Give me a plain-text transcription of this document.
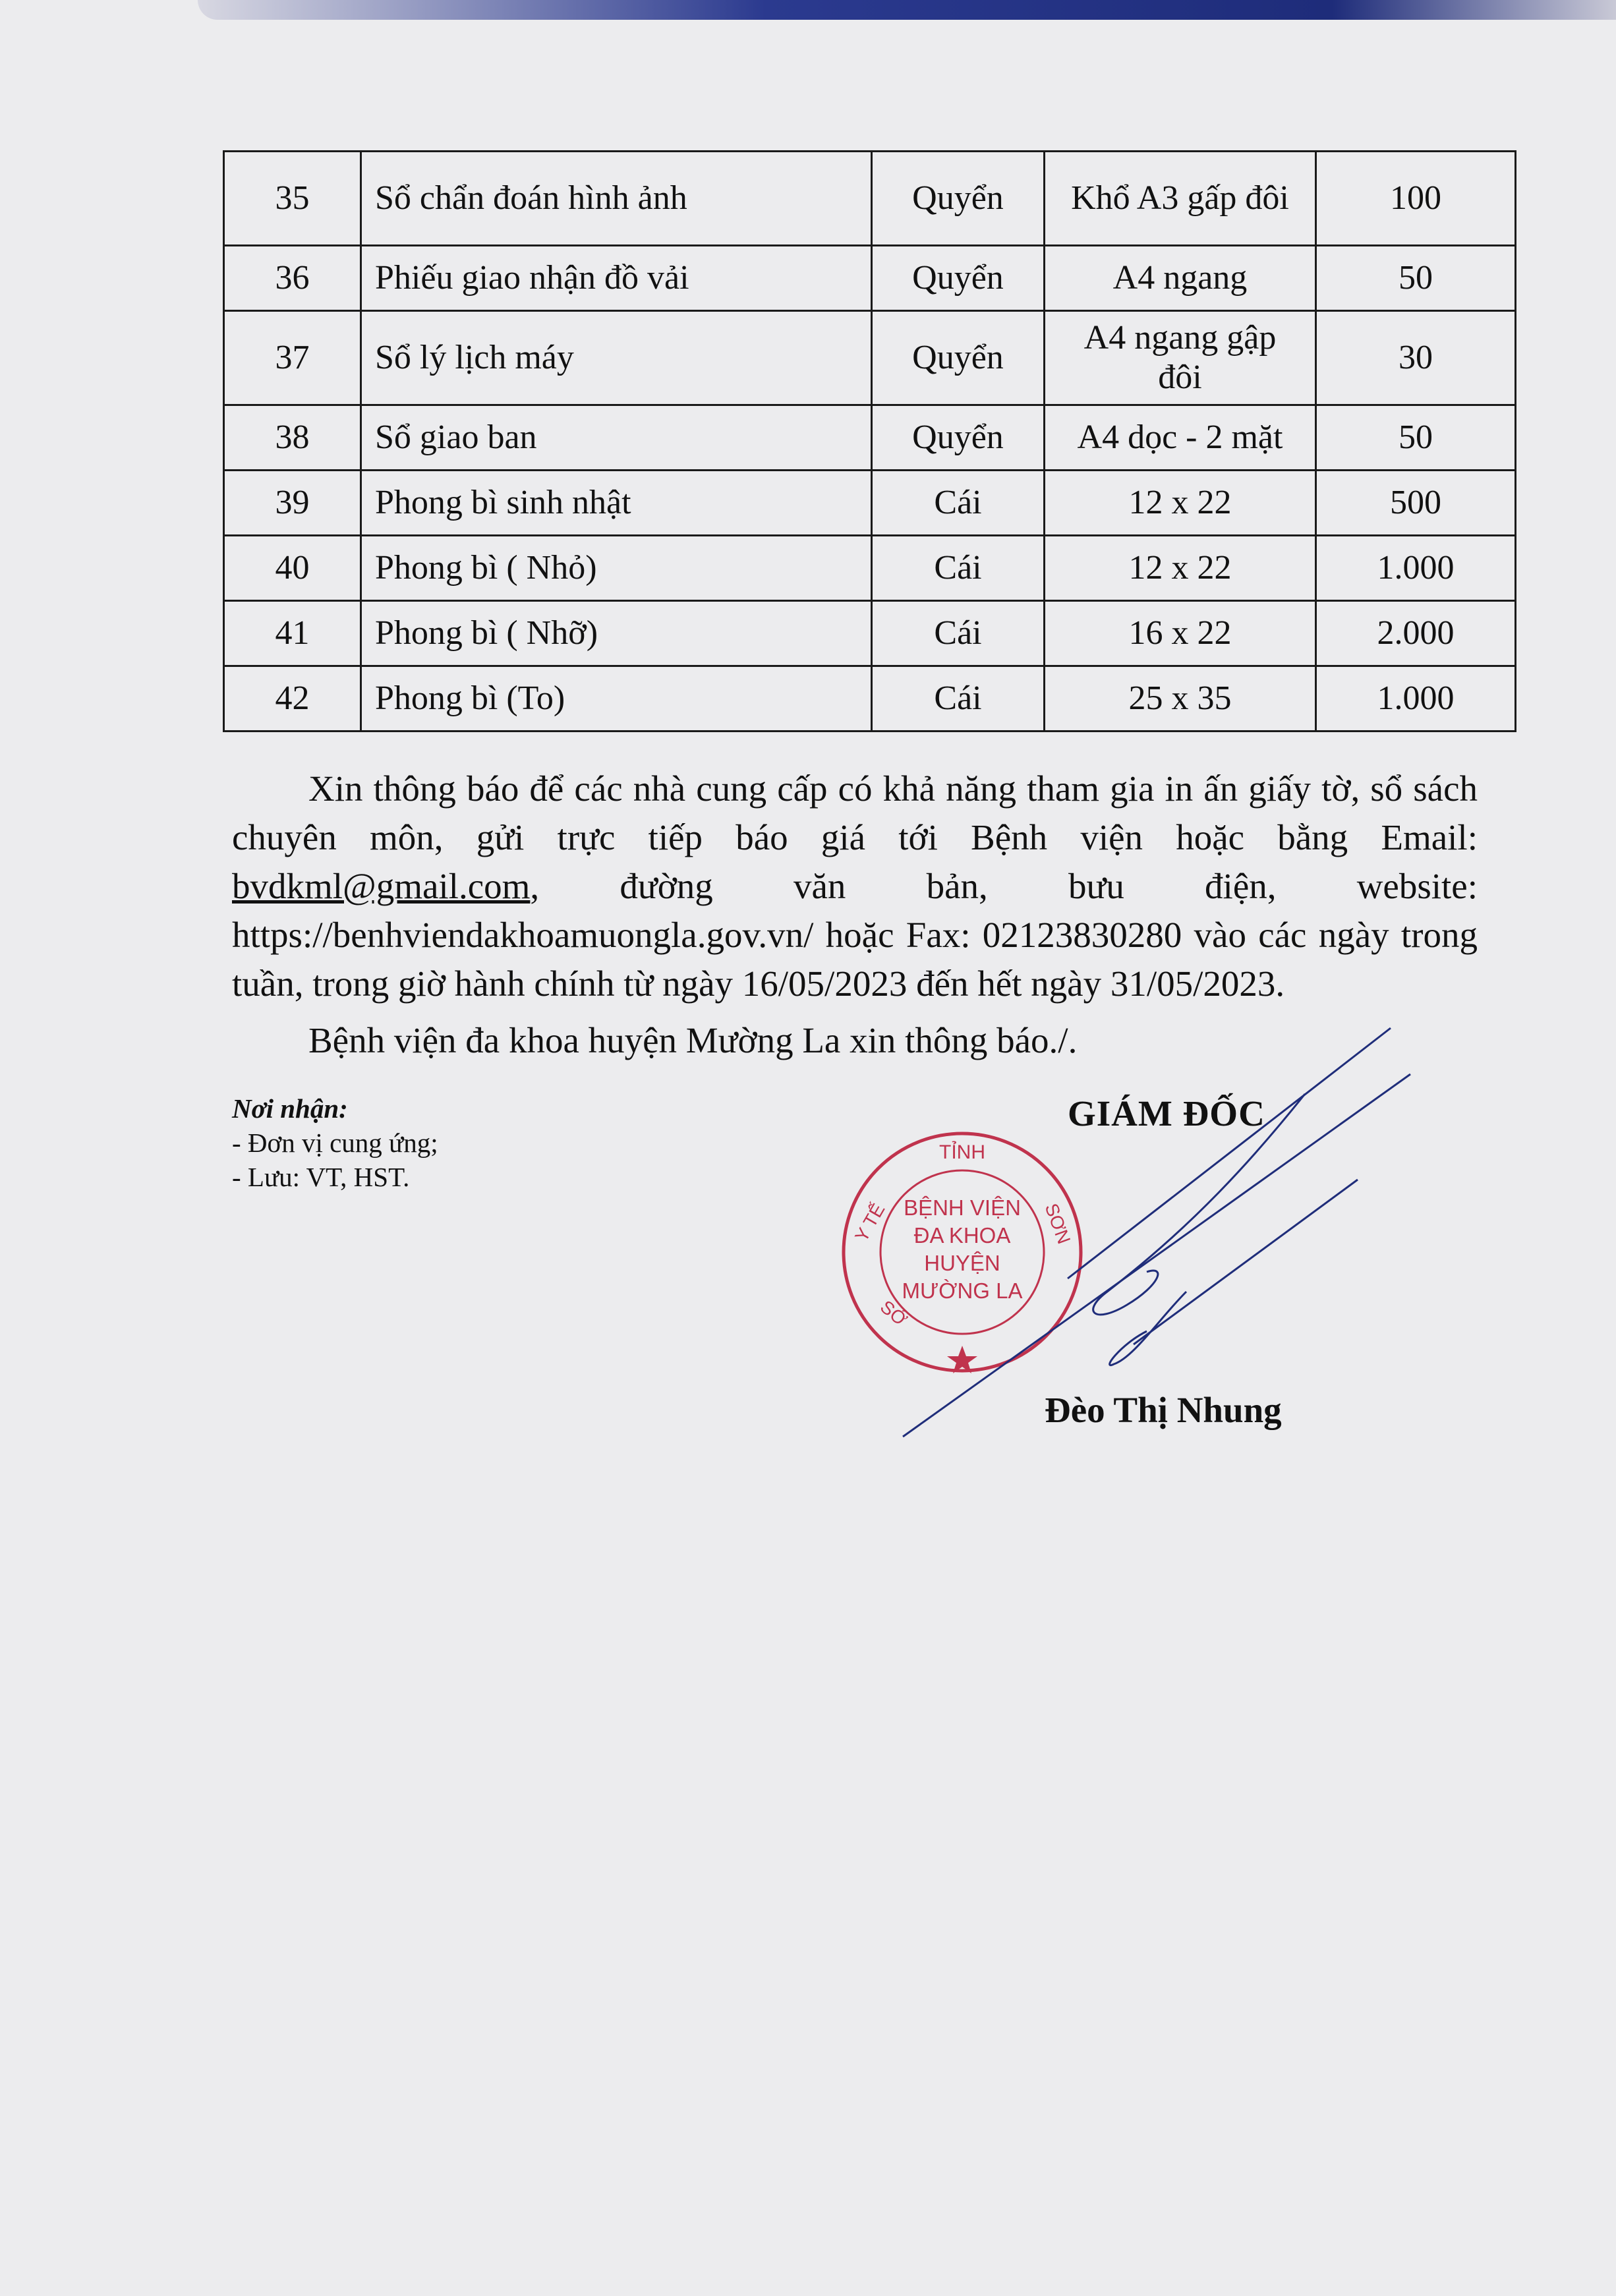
35	Sổ chẩn đoán hình ảnh	Quyển	Khổ A3 gấp đôi	100
36	Phiếu giao nhận đồ vải	Quyển	A4 ngang	50
37	Sổ lý lịch máy	Quyển	A4 ngang gập đôi	30
38	Sổ giao ban	Quyển	A4 dọc - 2 mặt	50
39	Phong bì sinh nhật	Cái	12 x 22	500
40	Phong bì ( Nhỏ)	Cái	12 x 22	1.000
41	Phong bì ( Nhỡ)	Cái	16 x 22	2.000
42	Phong bì (To)	Cái	25 x 35	1.000

Xin thông báo để các nhà cung cấp có khả năng tham gia in ấn giấy tờ, sổ sách chuyên môn, gửi trực tiếp báo giá tới Bệnh viện hoặc bằng Email: bvdkml@gmail.com, đường văn bản, bưu điện, website: https://benhviendakhoamuongla.gov.vn/ hoặc Fax: 02123830280 vào các ngày trong tuần, trong giờ hành chính từ ngày 16/05/2023 đến hết ngày 31/05/2023.

Bệnh viện đa khoa huyện Mường La xin thông báo./.

Nơi nhận:
- Đơn vị cung ứng;
- Lưu: VT, HST.
GIÁM ĐỐC
TỈNH
Y TẾ	SƠN
SỞ
BỆNH VIỆN
ĐA KHOA
HUYỆN
MƯỜNG LA
Đèo Thị Nhung
